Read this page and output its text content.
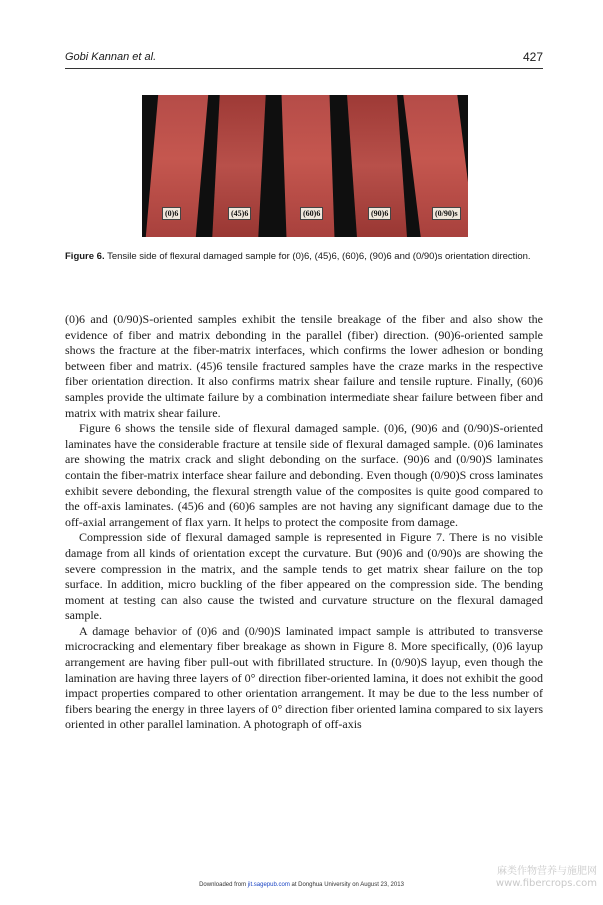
Gobi Kannan et al.	427
(0)6	(45)6	(60)6	(90)6	(0/90)s
Figure 6. Tensile side of flexural damaged sample for (0)6, (45)6, (60)6, (90)6 and (0/90)s orientation direction.

(0)6 and (0/90)S-oriented samples exhibit the tensile breakage of the fiber and also show the evidence of fiber and matrix debonding in the parallel (fiber) direction. (90)6-oriented sample shows the fracture at the fiber-matrix interfaces, which confirms the lower adhesion or bonding between fiber and matrix. (45)6 tensile fractured samples have the craze marks in the respective fiber orientation direction. It also confirms matrix shear failure and tensile rupture. Finally, (60)6 samples provide the ultimate failure by a combination intermediate shear failure between fiber and matrix with matrix shear failure.

Figure 6 shows the tensile side of flexural damaged sample. (0)6, (90)6 and (0/90)S-oriented laminates have the considerable fracture at tensile side of flexural damaged sample. (0)6 laminates are showing the matrix crack and slight debonding on the surface. (90)6 and (0/90)S laminates contain the fiber-matrix interface shear failure and debonding. Even though (0/90)S cross laminates exhibit severe debonding, the flexural strength value of the composites is quite good compared to the off-axis laminates. (45)6 and (60)6 samples are not having any significant damage due to the off-axial arrangement of flax yarn. It helps to protect the composite from damage.

Compression side of flexural damaged sample is represented in Figure 7. There is no visible damage from all kinds of orientation except the curvature. But (90)6 and (0/90)s are showing the severe compression in the matrix, and the sample tends to get matrix shear failure on the top surface. In addition, micro buckling of the fiber appeared on the compression side. The bending moment at testing can also cause the twisted and curvature structure on the flexural damaged sample.

A damage behavior of (0)6 and (0/90)S laminated impact sample is attributed to transverse microcracking and elementary fiber breakage as shown in Figure 8. More specifically, (0)6 layup arrangement are having fiber pull-out with fibrillated structure. In (0/90)S layup, even though the lamination are having three layers of 0° direction fiber-oriented lamina, it does not exhibit the good impact properties compared to other orientation arrangement. It may be due to the less number of fibers bearing the energy in three layers of 0° direction fiber oriented lamina compared to six layers oriented in other parallel lamination. A photograph of off-axis

Downloaded from jit.sagepub.com at Donghua University on August 23, 2013
麻类作物营养与施肥网
www.fibercrops.com
